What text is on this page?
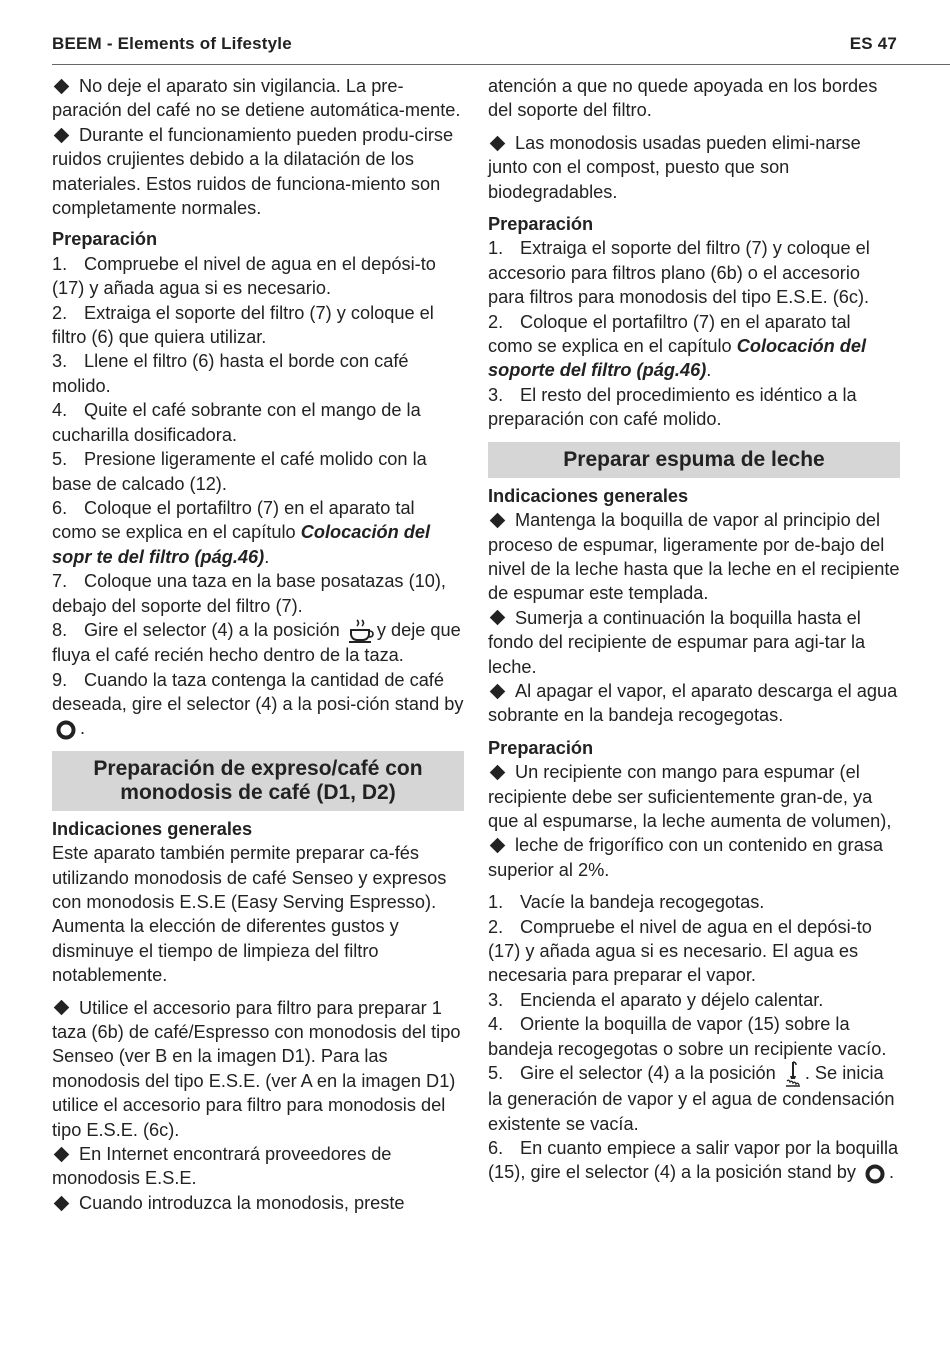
BEEM - Elements of Lifestyle	ES 47

No deje el aparato sin vigilancia. La pre-paración del café no se detiene automática-mente.

Durante el funcionamiento pueden produ-cirse ruidos crujientes debido a la dilatación de los materiales. Estos ruidos de funciona-miento son completamente normales.

Preparación

1. Compruebe el nivel de agua en el depósi-to (17) y añada agua si es necesario.

2. Extraiga el soporte del filtro (7) y coloque el filtro (6) que quiera utilizar.

3. Llene el filtro (6) hasta el borde con café molido.

4. Quite el café sobrante con el mango de la cucharilla dosificadora.

5. Presione ligeramente el café molido con la base de calcado (12).

6. Coloque el portafiltro (7) en el aparato tal como se explica en el capítulo Colocación del sopr te del filtro (pág.46).

7. Coloque una taza en la base posatazas (10), debajo del soporte del filtro (7).

8. Gire el selector (4) a la posición y deje que fluya el café recién hecho dentro de la taza.

9. Cuando la taza contenga la cantidad de café deseada, gire el selector (4) a la posi-ción stand by .

Preparación de expreso/café con monodosis de café (D1, D2)

Indicaciones generales

Este aparato también permite preparar ca-fés utilizando monodosis de café Senseo y expresos con monodosis E.S.E (Easy Serving Espresso). Aumenta la elección de diferentes gustos y disminuye el tiempo de limpieza del filtro notablemente.

Utilice el accesorio para filtro para preparar 1 taza (6b) de café/Espresso con monodosis del tipo Senseo (ver B en la imagen D1). Para las monodosis del tipo E.S.E. (ver A en la imagen D1) utilice el accesorio para filtro para monodosis del tipo E.S.E. (6c).

En Internet encontrará proveedores de monodosis E.S.E.

Cuando introduzca la monodosis, preste

atención a que no quede apoyada en los bordes del soporte del filtro.

Las monodosis usadas pueden elimi-narse junto con el compost, puesto que son biodegradables.

Preparación

1. Extraiga el soporte del filtro (7) y coloque el accesorio para filtros plano (6b) o el accesorio para filtros para monodosis del tipo E.S.E. (6c).

2. Coloque el portafiltro (7) en el aparato tal como se explica en el capítulo Colocación del soporte del filtro (pág.46).

3. El resto del procedimiento es idéntico a la preparación con café molido.

Preparar espuma de leche

Indicaciones generales

Mantenga la boquilla de vapor al principio del proceso de espumar, ligeramente por de-bajo del nivel de la leche hasta que la leche en el recipiente de espumar este templada.

Sumerja a continuación la boquilla hasta el fondo del recipiente de espumar para agi-tar la leche.

Al apagar el vapor, el aparato descarga el agua sobrante en la bandeja recogegotas.

Preparación

Un recipiente con mango para espumar (el recipiente debe ser suficientemente gran-de, ya que al espumarse, la leche aumenta de volumen),

leche de frigorífico con un contenido en grasa superior al 2%.

1. Vacíe la bandeja recogegotas.

2. Compruebe el nivel de agua en el depósi-to (17) y añada agua si es necesario. El agua es necesaria para preparar el vapor.

3. Encienda el aparato y déjelo calentar.

4. Oriente la boquilla de vapor (15) sobre la bandeja recogegotas o sobre un recipiente vacío.

5. Gire el selector (4) a la posición . Se inicia la generación de vapor y el agua de condensación existente se vacía.

6. En cuanto empiece a salir vapor por la boquilla (15), gire el selector (4) a la posición stand by .
